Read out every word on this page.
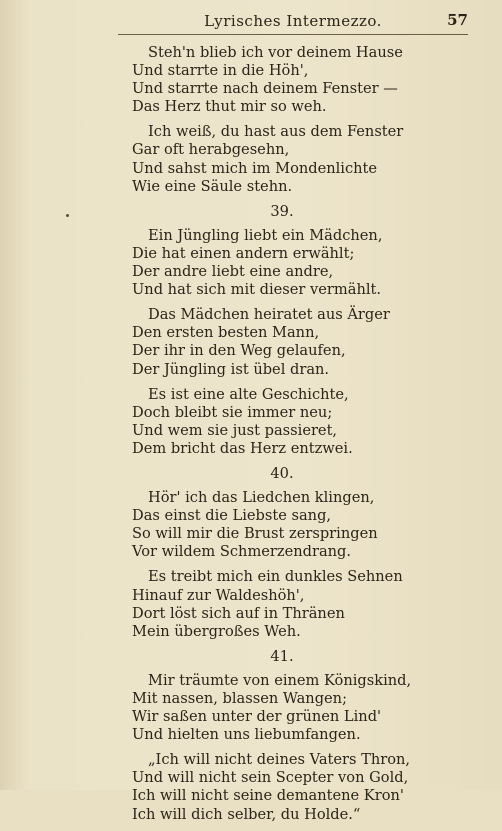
Lyrisches Intermezzo.	57
Steh'n blieb ich vor deinem Hause
Und starrte in die Höh',
Und starrte nach deinem Fenster —
Das Herz thut mir so weh.
Ich weiß, du hast aus dem Fenster
Gar oft herabgesehn,
Und sahst mich im Mondenlichte
Wie eine Säule stehn.
39.
Ein Jüngling liebt ein Mädchen,
Die hat einen andern erwählt;
Der andre liebt eine andre,
Und hat sich mit dieser vermählt.
Das Mädchen heiratet aus Ärger
Den ersten besten Mann,
Der ihr in den Weg gelaufen,
Der Jüngling ist übel dran.
Es ist eine alte Geschichte,
Doch bleibt sie immer neu;
Und wem sie just passieret,
Dem bricht das Herz entzwei.
40.
Hör' ich das Liedchen klingen,
Das einst die Liebste sang,
So will mir die Brust zerspringen
Vor wildem Schmerzendrang.
Es treibt mich ein dunkles Sehnen
Hinauf zur Waldeshöh',
Dort löst sich auf in Thränen
Mein übergroßes Weh.
41.
Mir träumte von einem Königskind,
Mit nassen, blassen Wangen;
Wir saßen unter der grünen Lind'
Und hielten uns liebumfangen.
„Ich will nicht deines Vaters Thron,
Und will nicht sein Scepter von Gold,
Ich will nicht seine demantene Kron'
Ich will dich selber, du Holde.“
